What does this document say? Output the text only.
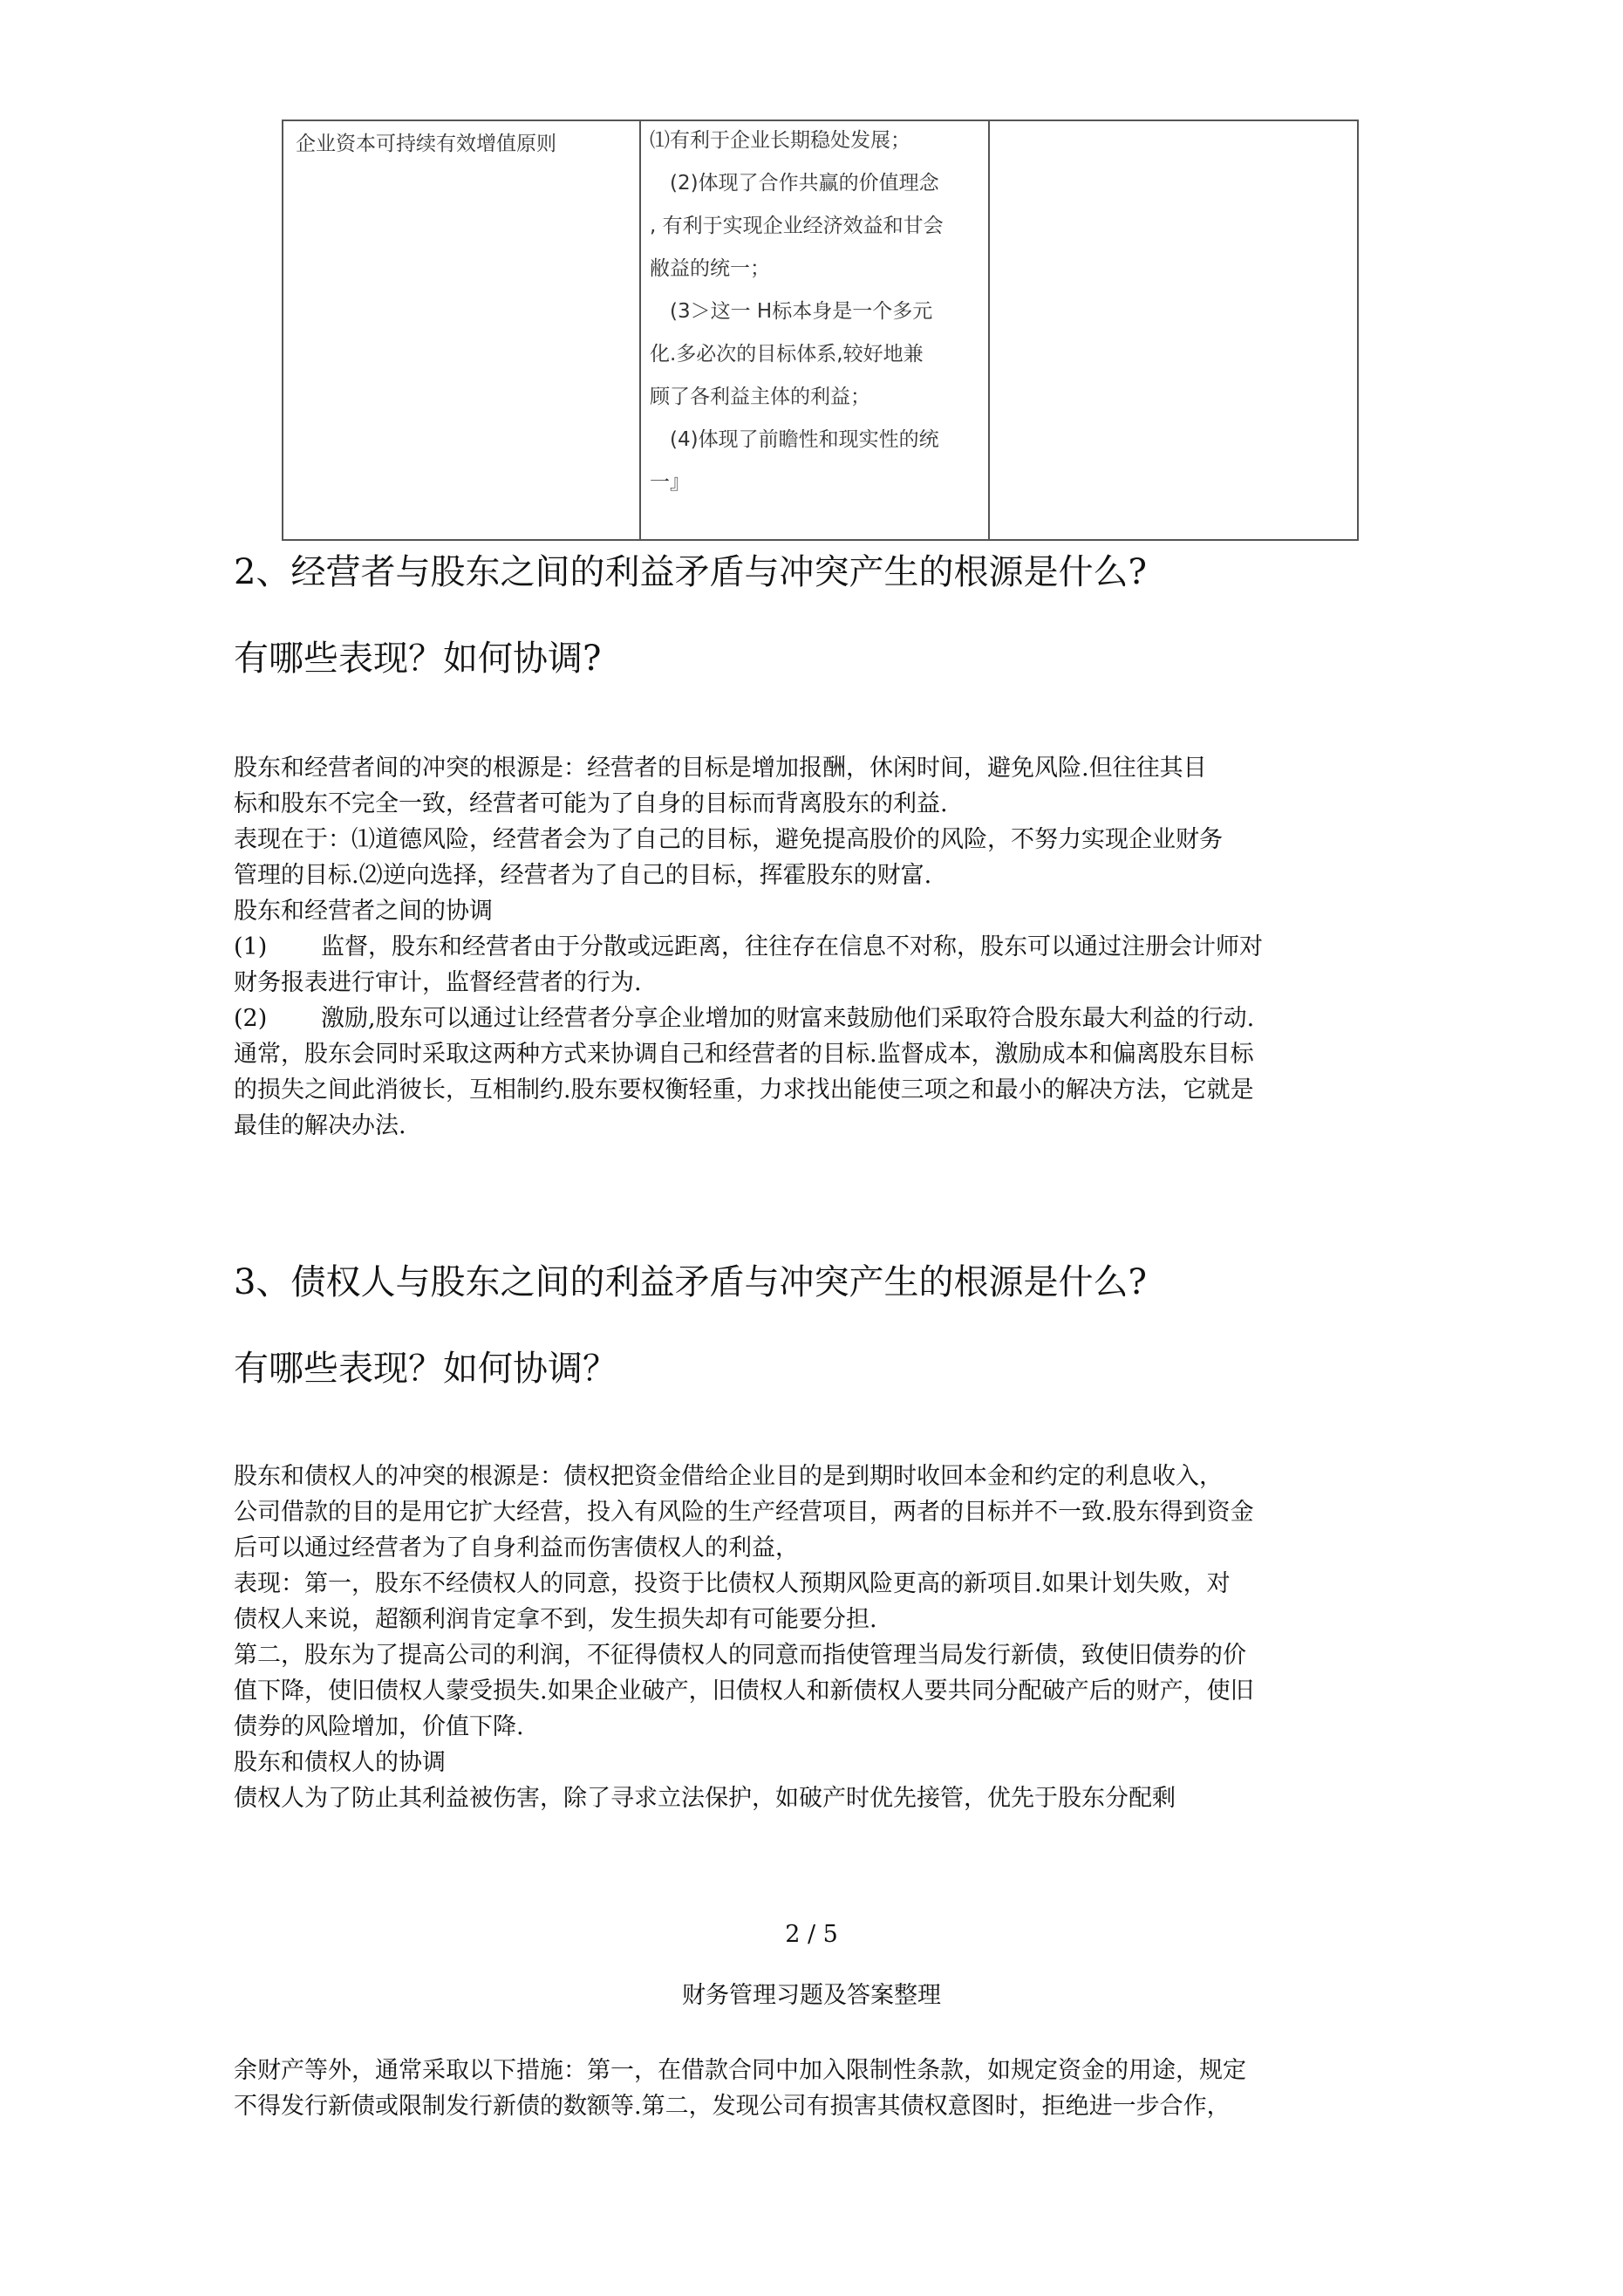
企业资本可持续有效增值原则	⑴有利于企业长期稳处发展；

　(2)体现了合作共赢的价值理念

, 有利于实现企业经济效益和甘会

敝益的统一；

　(3＞这一 H标本身是一个多元

化.多必次的目标体系,较好地兼

顾了各利益主体的利益；

　(4)体现了前瞻性和现实性的统

一』

2、经营者与股东之间的利益矛盾与冲突产生的根源是什么?
有哪些表现？如何协调?

股东和经营者间的冲突的根源是：经营者的目标是增加报酬，休闲时间，避免风险.但往往其目

标和股东不完全一致，经营者可能为了自身的目标而背离股东的利益.

表现在于：⑴道德风险，经营者会为了自己的目标，避免提高股价的风险，不努力实现企业财务

管理的目标.⑵逆向选择，经营者为了自己的目标，挥霍股东的财富.

股东和经营者之间的协调

(1) 监督，股东和经营者由于分散或远距离，往往存在信息不对称，股东可以通过注册会计师对

财务报表进行审计，监督经营者的行为.

(2) 激励,股东可以通过让经营者分享企业增加的财富来鼓励他们采取符合股东最大利益的行动.

通常，股东会同时采取这两种方式来协调自己和经营者的目标.监督成本，激励成本和偏离股东目标

的损失之间此消彼长，互相制约.股东要权衡轻重，力求找出能使三项之和最小的解决方法，它就是

最佳的解决办法.

3、债权人与股东之间的利益矛盾与冲突产生的根源是什么?
有哪些表现？如何协调？

股东和债权人的冲突的根源是：债权把资金借给企业目的是到期时收回本金和约定的利息收入，

公司借款的目的是用它扩大经营，投入有风险的生产经营项目，两者的目标并不一致.股东得到资金

后可以通过经营者为了自身利益而伤害债权人的利益，

表现：第一，股东不经债权人的同意，投资于比债权人预期风险更高的新项目.如果计划失败，对

债权人来说，超额利润肯定拿不到，发生损失却有可能要分担.

第二，股东为了提高公司的利润，不征得债权人的同意而指使管理当局发行新债，致使旧债券的价

值下降，使旧债权人蒙受损失.如果企业破产，旧债权人和新债权人要共同分配破产后的财产，使旧

债券的风险增加，价值下降.

股东和债权人的协调

债权人为了防止其利益被伤害，除了寻求立法保护，如破产时优先接管，优先于股东分配剩

2 / 5
财务管理习题及答案整理

余财产等外，通常采取以下措施：第一，在借款合同中加入限制性条款，如规定资金的用途，规定

不得发行新债或限制发行新债的数额等.第二，发现公司有损害其债权意图时，拒绝进一步合作，
